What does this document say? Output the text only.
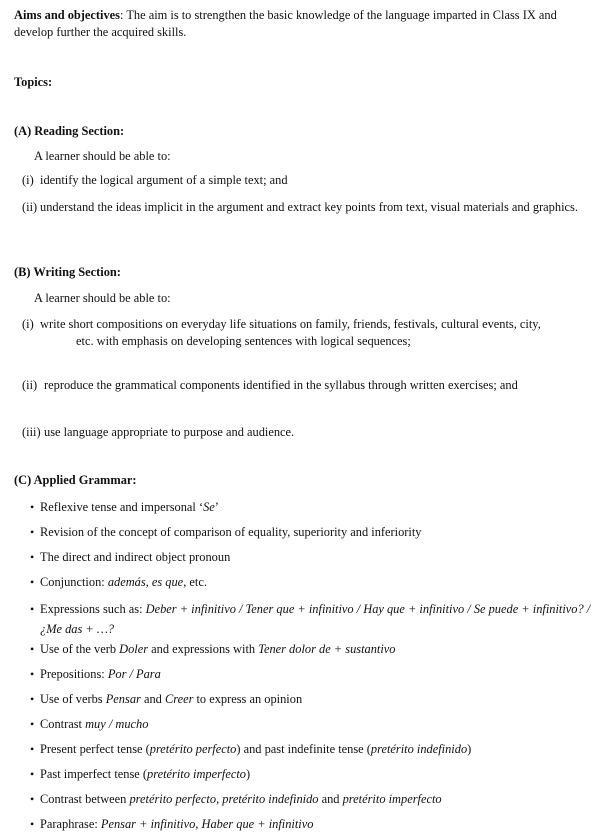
Aims and objectives: The aim is to strengthen the basic knowledge of the language imparted in Class IX and develop further the acquired skills.
Topics:
(A) Reading Section:
A learner should be able to:
(i) identify the logical argument of a simple text; and
(ii) understand the ideas implicit in the argument and extract key points from text, visual materials and graphics.
(B) Writing Section:
A learner should be able to:
(i) write short compositions on everyday life situations on family, friends, festivals, cultural events, city, etc. with emphasis on developing sentences with logical sequences;
(ii) reproduce the grammatical components identified in the syllabus through written exercises; and
(iii) use language appropriate to purpose and audience.
(C) Applied Grammar:
• Reflexive tense and impersonal ‘Se’
• Revision of the concept of comparison of equality, superiority and inferiority
• The direct and indirect object pronoun
• Conjunction: además, es que, etc.
• Expressions such as: Deber + infinitivo / Tener que + infinitivo / Hay que + infinitivo / Se puede + infinitivo? / ¿Me das + …?
• Use of the verb Doler and expressions with Tener dolor de + sustantivo
• Prepositions: Por / Para
• Use of verbs Pensar and Creer to express an opinion
• Contrast muy / mucho
• Present perfect tense (pretérito perfecto) and past indefinite tense (pretérito indefinido)
• Past imperfect tense (pretérito imperfecto)
• Contrast between pretérito perfecto, pretérito indefinido and pretérito imperfecto
• Paraphrase: Pensar + infinitivo, Haber que + infinitivo
